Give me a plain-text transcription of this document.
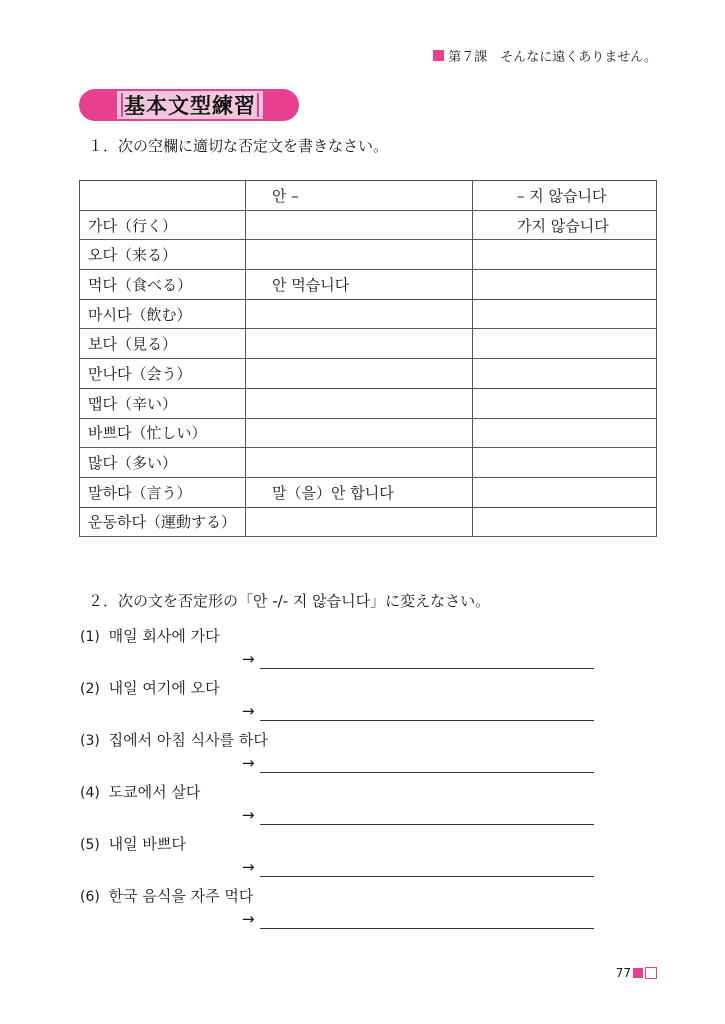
第７課　そんなに遠くありません。
基本文型練習
１．次の空欄に適切な否定文を書きなさい。
	안 –	– 지 않습니다
가다（行く）		가지 않습니다
오다（来る）		
먹다（食べる）	안 먹습니다	
마시다（飲む）		
보다（見る）		
만나다（会う）		
맵다（辛い）		
바쁘다（忙しい）		
많다（多い）		
말하다（言う）	말（을）안 합니다	
운동하다（運動する）		
２．次の文を否定形の「안 -/- 지 않습니다」に変えなさい。
(1) 매일 회사에 가다
→
(2) 내일 여기에 오다
→
(3) 집에서 아침 식사를 하다
→
(4) 도쿄에서 살다
→
(5) 내일 바쁘다
→
(6) 한국 음식을 자주 먹다
→
77
